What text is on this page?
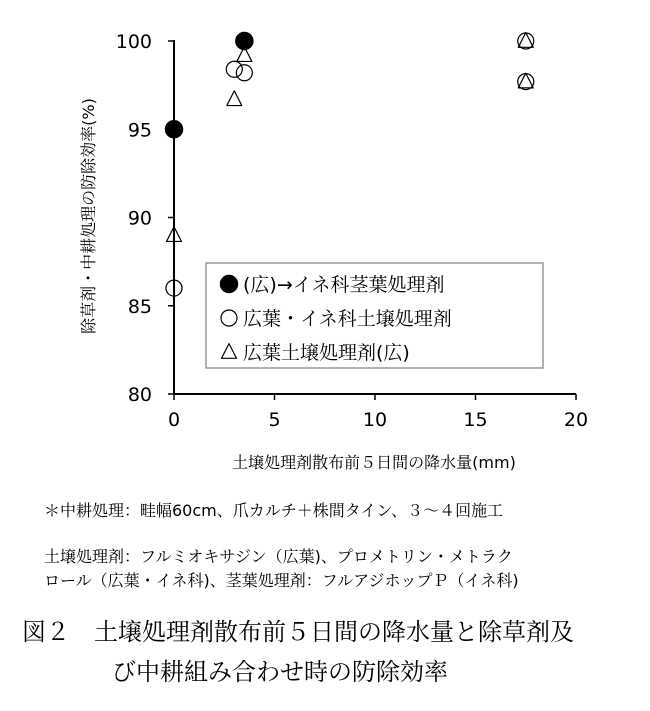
0	5	10	15	20
80
85
90
95
100
土壌処理剤散布前５日間の降水量(mm)
除草剤・中耕処理の防除効率(%)	(広)→イネ科茎葉処理剤
広葉・イネ科土壌処理剤
広葉土壌処理剤(広)
＊中耕処理：畦幅60cm、爪カルチ＋株間タイン、３～４回施工
土壌処理剤：フルミオキサジン（広葉)、プロメトリン・メトラク
ロール（広葉・イネ科)、茎葉処理剤：フルアジホップＰ（イネ科)
図２　土壌処理剤散布前５日間の降水量と除草剤及
び中耕組み合わせ時の防除効率
